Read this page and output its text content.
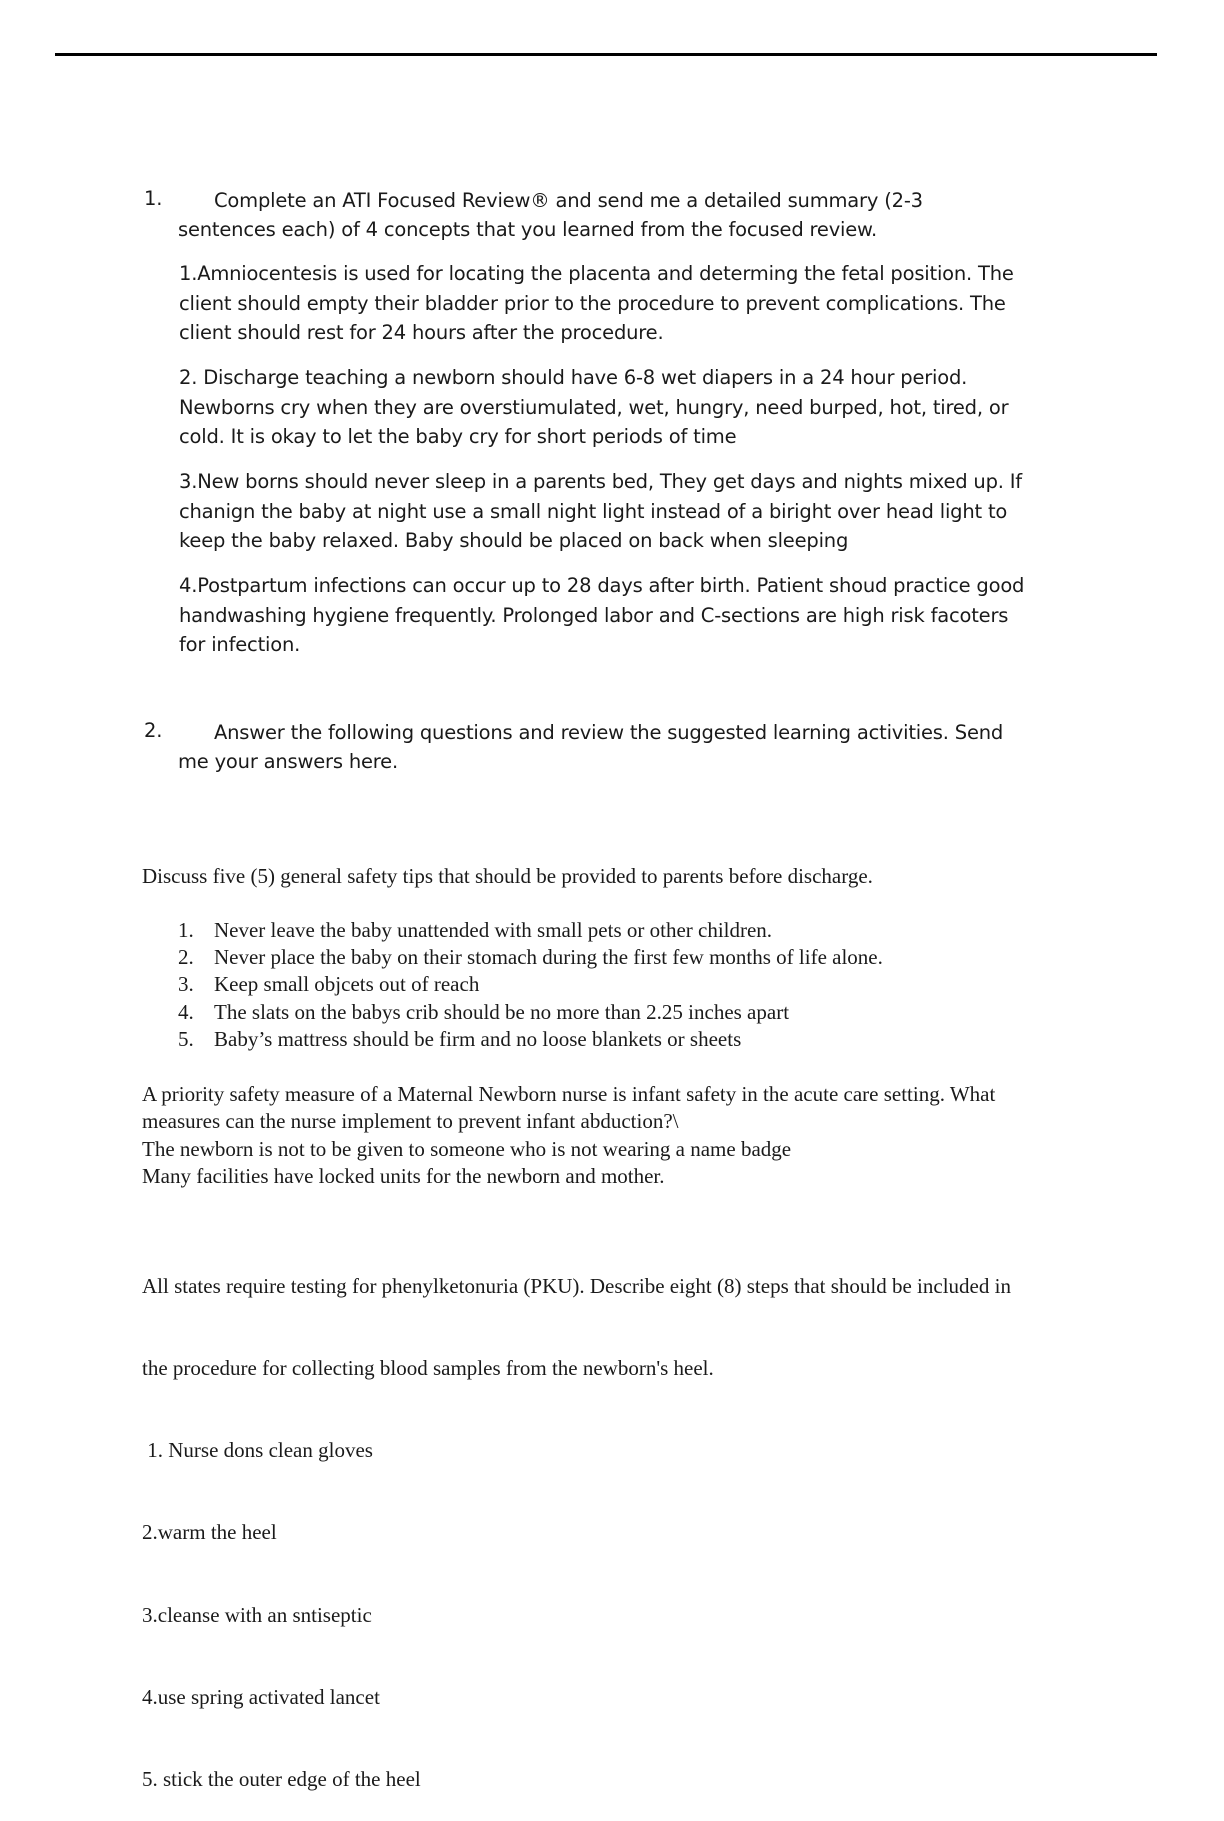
1.	Complete an ATI Focused Review® and send me a detailed summary (2-3
sentences each) of 4 concepts that you learned from the focused review.
1.Amniocentesis is used for locating the placenta and determing the fetal position. The
client should empty their bladder prior to the procedure to prevent complications. The
client should rest for 24 hours after the procedure.
2. Discharge teaching a newborn should have 6-8 wet diapers in a 24 hour period.
Newborns cry when they are overstiumulated, wet, hungry, need burped, hot, tired, or
cold. It is okay to let the baby cry for short periods of time
3.New borns should never sleep in a parents bed, They get days and nights mixed up. If
chanign the baby at night use a small night light instead of a biright over head light to
keep the baby relaxed. Baby should be placed on back when sleeping
4.Postpartum infections can occur up to 28 days after birth. Patient shoud practice good
handwashing hygiene frequently. Prolonged labor and C-sections are high risk facoters
for infection.
2.	Answer the following questions and review the suggested learning activities. Send
me your answers here.
Discuss five (5) general safety tips that should be provided to parents before discharge.
1. Never leave the baby unattended with small pets or other children.
2. Never place the baby on their stomach during the first few months of life alone.
3. Keep small objcets out of reach
4. The slats on the babys crib should be no more than 2.25 inches apart
5. Baby’s mattress should be firm and no loose blankets or sheets
A priority safety measure of a Maternal Newborn nurse is infant safety in the acute care setting. What
measures can the nurse implement to prevent infant abduction?\
The newborn is not to be given to someone who is not wearing a name badge
Many facilities have locked units for the newborn and mother.

All states require testing for phenylketonuria (PKU). Describe eight (8) steps that should be included in

the procedure for collecting blood samples from the newborn's heel.

1. Nurse dons clean gloves

2.warm the heel

3.cleanse with an sntiseptic

4.use spring activated lancet

5. stick the outer edge of the heel
